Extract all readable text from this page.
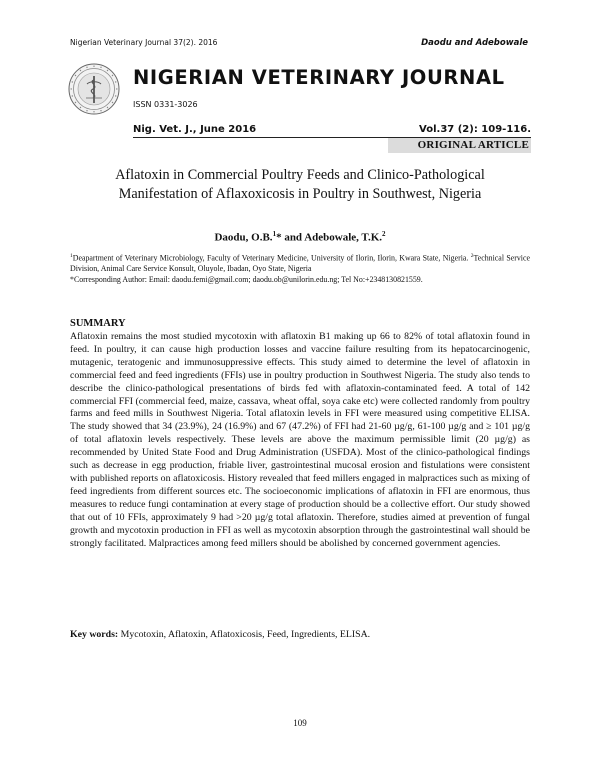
Nigerian Veterinary Journal 37(2). 2016	Daodu and Adebowale
NIGERIAN VETERINARY JOURNAL
ISSN 0331-3026
Nig. Vet. J., June 2016	Vol.37 (2): 109-116.
ORIGINAL ARTICLE
Aflatoxin in Commercial Poultry Feeds and Clinico-Pathological
Manifestation of Aflaxoxicosis in Poultry in Southwest, Nigeria
Daodu, O.B.$^1$* and Adebowale, T.K.$^2$
$^1$Deapartment of Veterinary Microbiology, Faculty of Veterinary Medicine, University of Ilorin, Ilorin, Kwara State, Nigeria. $^2$Technical Service Division, Animal Care Service Konsult, Oluyole, Ibadan, Oyo State, Nigeria
*Corresponding Author: Email: daodu.femi@gmail.com; daodu.ob@unilorin.edu.ng; Tel No:+2348130821559.
SUMMARY
Aflatoxin remains the most studied mycotoxin with aflatoxin B1 making up 66 to 82% of total aflatoxin found in feed. In poultry, it can cause high production losses and vaccine failure resulting from its hepatocarcinogenic, mutagenic, teratogenic and immunosuppressive effects. This study aimed to determine the level of aflatoxin in commercial feed and feed ingredients (FFIs) use in poultry production in Southwest Nigeria. The study also tends to describe the clinico-pathological presentations of birds fed with aflatoxin-contaminated feed. A total of 142 commercial FFI (commercial feed, maize, cassava, wheat offal, soya cake etc) were collected randomly from poultry farms and feed mills in Southwest Nigeria. Total aflatoxin levels in FFI were measured using competitive ELISA. The study showed that 34 (23.9%), 24 (16.9%) and 67 (47.2%) of FFI had 21-60 µg/g, 61-100 µg/g and ≥ 101 µg/g of total aflatoxin levels respectively. These levels are above the maximum permissible limit (20 µg/g) as recommended by United State Food and Drug Administration (USFDA). Most of the clinico-pathological findings such as decrease in egg production, friable liver, gastrointestinal mucosal erosion and fistulations were consistent with published reports on aflatoxicosis. History revealed that feed millers engaged in malpractices such as mixing of feed ingredients from different sources etc. The socioeconomic implications of aflatoxin in FFI are enormous, thus measures to reduce fungi contamination at every stage of production should be a collective effort. Our study showed that out of 10 FFIs, approximately 9 had >20 µg/g total aflatoxin. Therefore, studies aimed at prevention of fungal growth and mycotoxin production in FFI as well as mycotoxin absorption through the gastrointestinal wall should be strongly facilitated. Malpractices among feed millers should be abolished by concerned government agencies.
Key words: Mycotoxin, Aflatoxin, Aflatoxicosis, Feed, Ingredients, ELISA.
109
